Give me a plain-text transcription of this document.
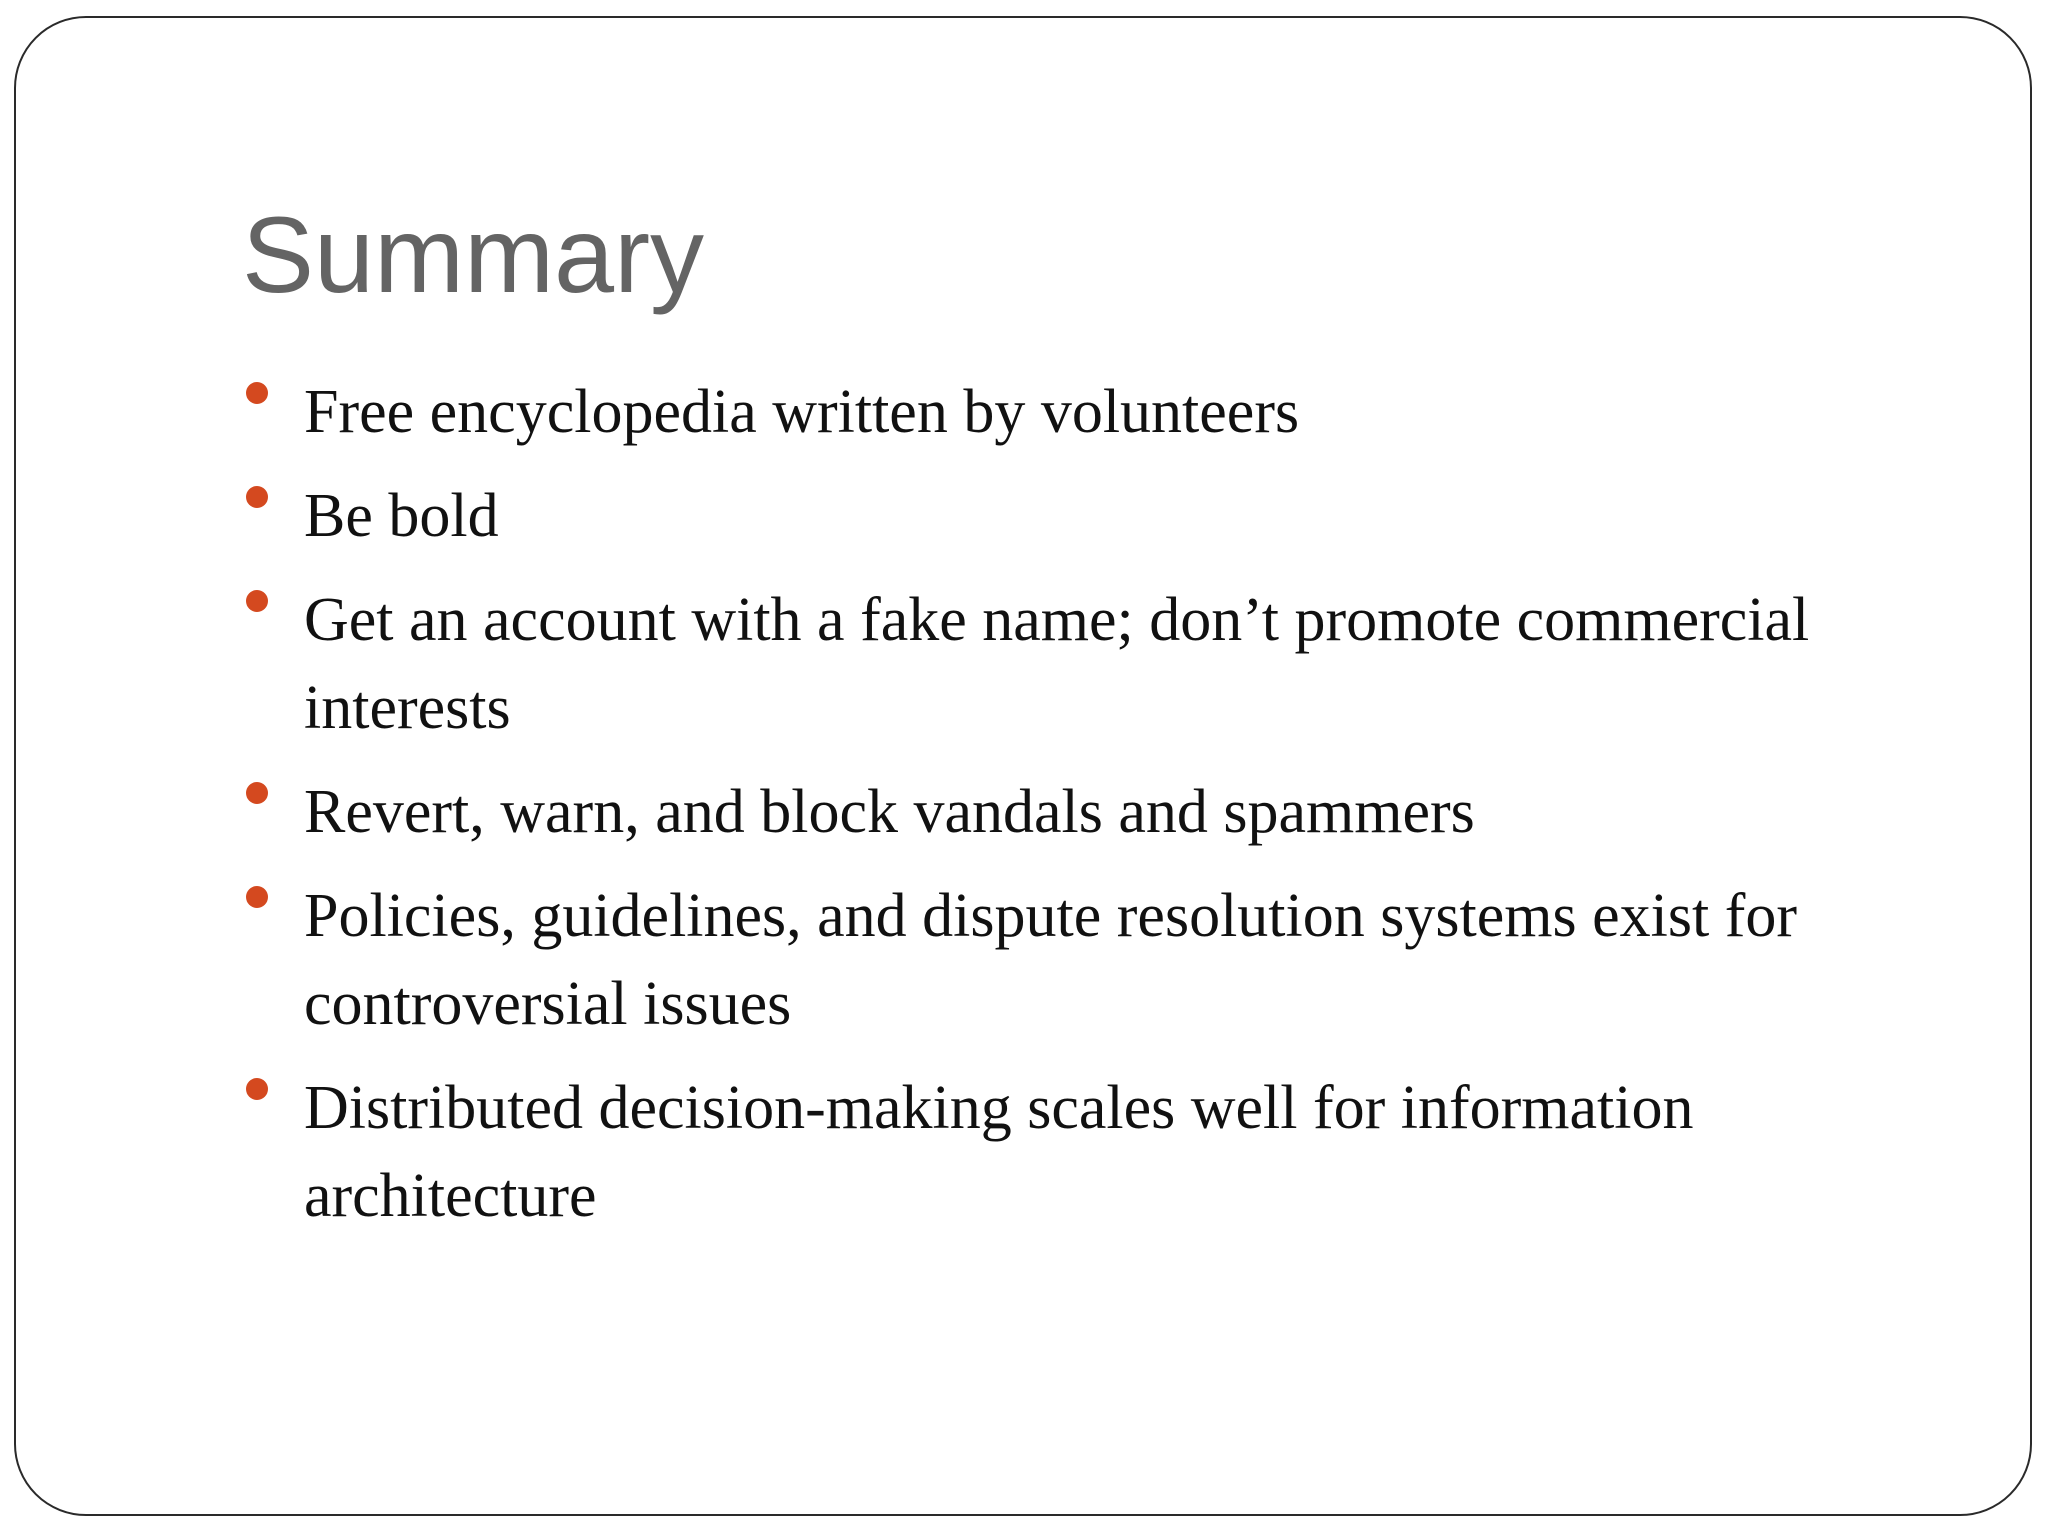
Summary
Free encyclopedia written by volunteers
Be bold
Get an account with a fake name; don’t promote commercial interests
Revert, warn, and block vandals and spammers
Policies, guidelines, and dispute resolution systems exist for controversial issues
Distributed decision-making scales well for information architecture
